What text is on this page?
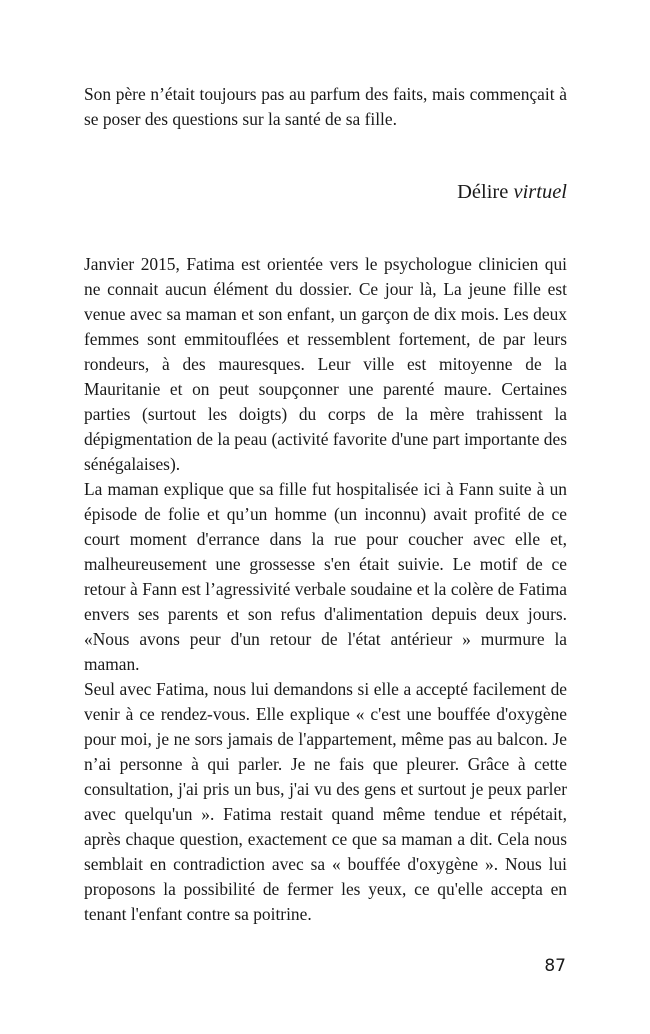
Son père n’était toujours pas au parfum des faits, mais commençait à se poser des questions sur la santé de sa fille.

Délire virtuel

Janvier 2015, Fatima est orientée vers le psychologue clinicien qui ne connait aucun élément du dossier. Ce jour là, La jeune fille est venue avec sa maman et son enfant, un garçon de dix mois. Les deux femmes sont emmitouflées et ressemblent fortement, de par leurs rondeurs, à des mauresques. Leur ville est mitoyenne de la Mauritanie et on peut soupçonner une parenté maure. Certaines parties (surtout les doigts) du corps de la mère trahissent la dépigmentation de la peau (activité favorite d'une part importante des sénégalaises).

La maman explique que sa fille fut hospitalisée ici à Fann suite à un épisode de folie et qu’un homme (un inconnu) avait profité de ce court moment d'errance dans la rue pour coucher avec elle et, malheureusement une grossesse s'en était suivie. Le motif de ce retour à Fann est l’agressivité verbale soudaine et la colère de Fatima envers ses parents et son refus d'alimentation depuis deux jours. «Nous avons peur d'un retour de l'état antérieur » murmure la maman.

Seul avec Fatima, nous lui demandons si elle a accepté facilement de venir à ce rendez-vous. Elle explique « c'est une bouffée d'oxygène pour moi, je ne sors jamais de l'appartement, même pas au balcon. Je n’ai personne à qui parler. Je ne fais que pleurer. Grâce à cette consultation, j'ai pris un bus, j'ai vu des gens et surtout je peux parler avec quelqu'un ». Fatima restait quand même tendue et répétait, après chaque question, exactement ce que sa maman a dit. Cela nous semblait en contradiction avec sa « bouffée d'oxygène ». Nous lui proposons la possibilité de fermer les yeux, ce qu'elle accepta en tenant l'enfant contre sa poitrine.

87
